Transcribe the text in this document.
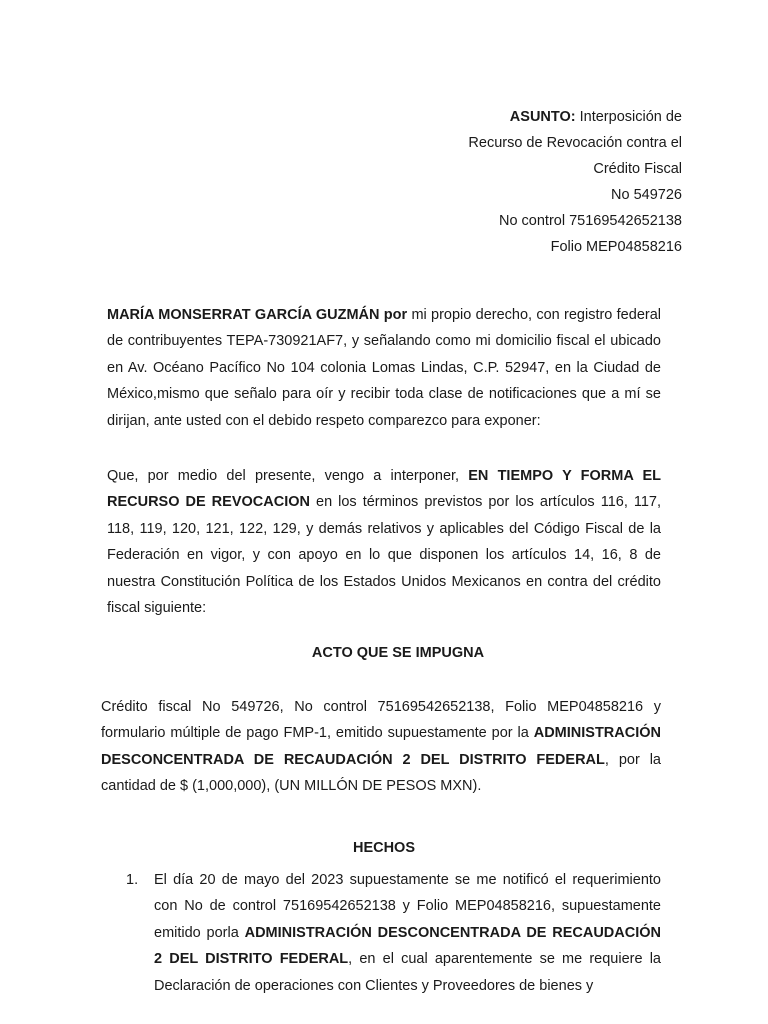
ASUNTO: Interposición de
Recurso de Revocación contra el
Crédito Fiscal
No 549726
No control 75169542652138
Folio MEP04858216

MARÍA MONSERRAT GARCÍA GUZMÁN por mi propio derecho, con registro federal de contribuyentes TEPA-730921AF7, y señalando como mi domicilio fiscal el ubicado en Av. Océano Pacífico No 104 colonia Lomas Lindas, C.P. 52947, en la Ciudad de México,mismo que señalo para oír y recibir toda clase de notificaciones que a mí se dirijan, ante usted con el debido respeto comparezco para exponer:

Que, por medio del presente, vengo a interponer, EN TIEMPO Y FORMA EL RECURSO DE REVOCACION en los términos previstos por los artículos 116, 117, 118, 119, 120, 121, 122, 129, y demás relativos y aplicables del Código Fiscal de la Federación en vigor, y con apoyo en lo que disponen los artículos 14, 16, 8 de nuestra Constitución Política de los Estados Unidos Mexicanos en contra del crédito fiscal siguiente:

ACTO QUE SE IMPUGNA

Crédito fiscal No 549726, No control 75169542652138, Folio MEP04858216 y formulario múltiple de pago FMP-1, emitido supuestamente por la ADMINISTRACIÓN DESCONCENTRADA DE RECAUDACIÓN 2 DEL DISTRITO FEDERAL, por la cantidad de $ (1,000,000), (UN MILLÓN DE PESOS MXN).

HECHOS
1. El día 20 de mayo del 2023 supuestamente se me notificó el requerimiento con No de control 75169542652138 y Folio MEP04858216, supuestamente emitido porla ADMINISTRACIÓN DESCONCENTRADA DE RECAUDACIÓN 2 DEL DISTRITO FEDERAL, en el cual aparentemente se me requiere la Declaración de operaciones con Clientes y Proveedores de bienes y
